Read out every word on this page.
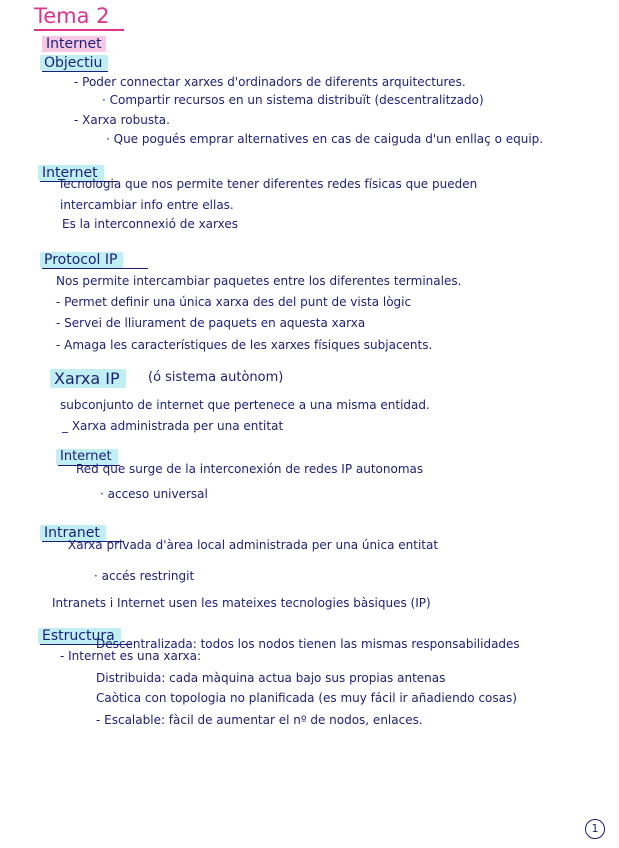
Tema 2
Internet
Objectiu
- Poder connectar xarxes d'ordinadors de diferents arquitectures.
· Compartir recursos en un sistema distribuït (descentralitzado)
- Xarxa robusta.
· Que pogués emprar alternatives en cas de caiguda d'un enllaç o equip.
Internet
Tecnologia que nos permite tener diferentes redes físicas que pueden
intercambiar info entre ellas.
Es la interconnexió de xarxes
Protocol IP
Nos permite intercambiar paquetes entre los diferentes terminales.
- Permet definir una única xarxa des del punt de vista lògic
- Servei de lliurament de paquets en aquesta xarxa
- Amaga les característiques de les xarxes físiques subjacents.
Xarxa IP	(ó sistema autònom)
subconjunto de internet que pertenece a una misma entidad.
_ Xarxa administrada per una entitat
Internet
Red que surge de la interconexión de redes IP autonomas
· acceso universal
Intranet
Xarxa privada d'àrea local administrada per una única entitat
· accés restringit
Intranets i Internet usen les mateixes tecnologies bàsiques (IP)
Estructura
- Internet es una xarxa:
Descentralizada: todos los nodos tienen las mismas responsabilidades
Distribuida: cada màquina actua bajo sus propias antenas
Caòtica con topologia no planificada (es muy fácil ir añadiendo cosas)
- Escalable: fàcil de aumentar el nº de nodos, enlaces.
1
